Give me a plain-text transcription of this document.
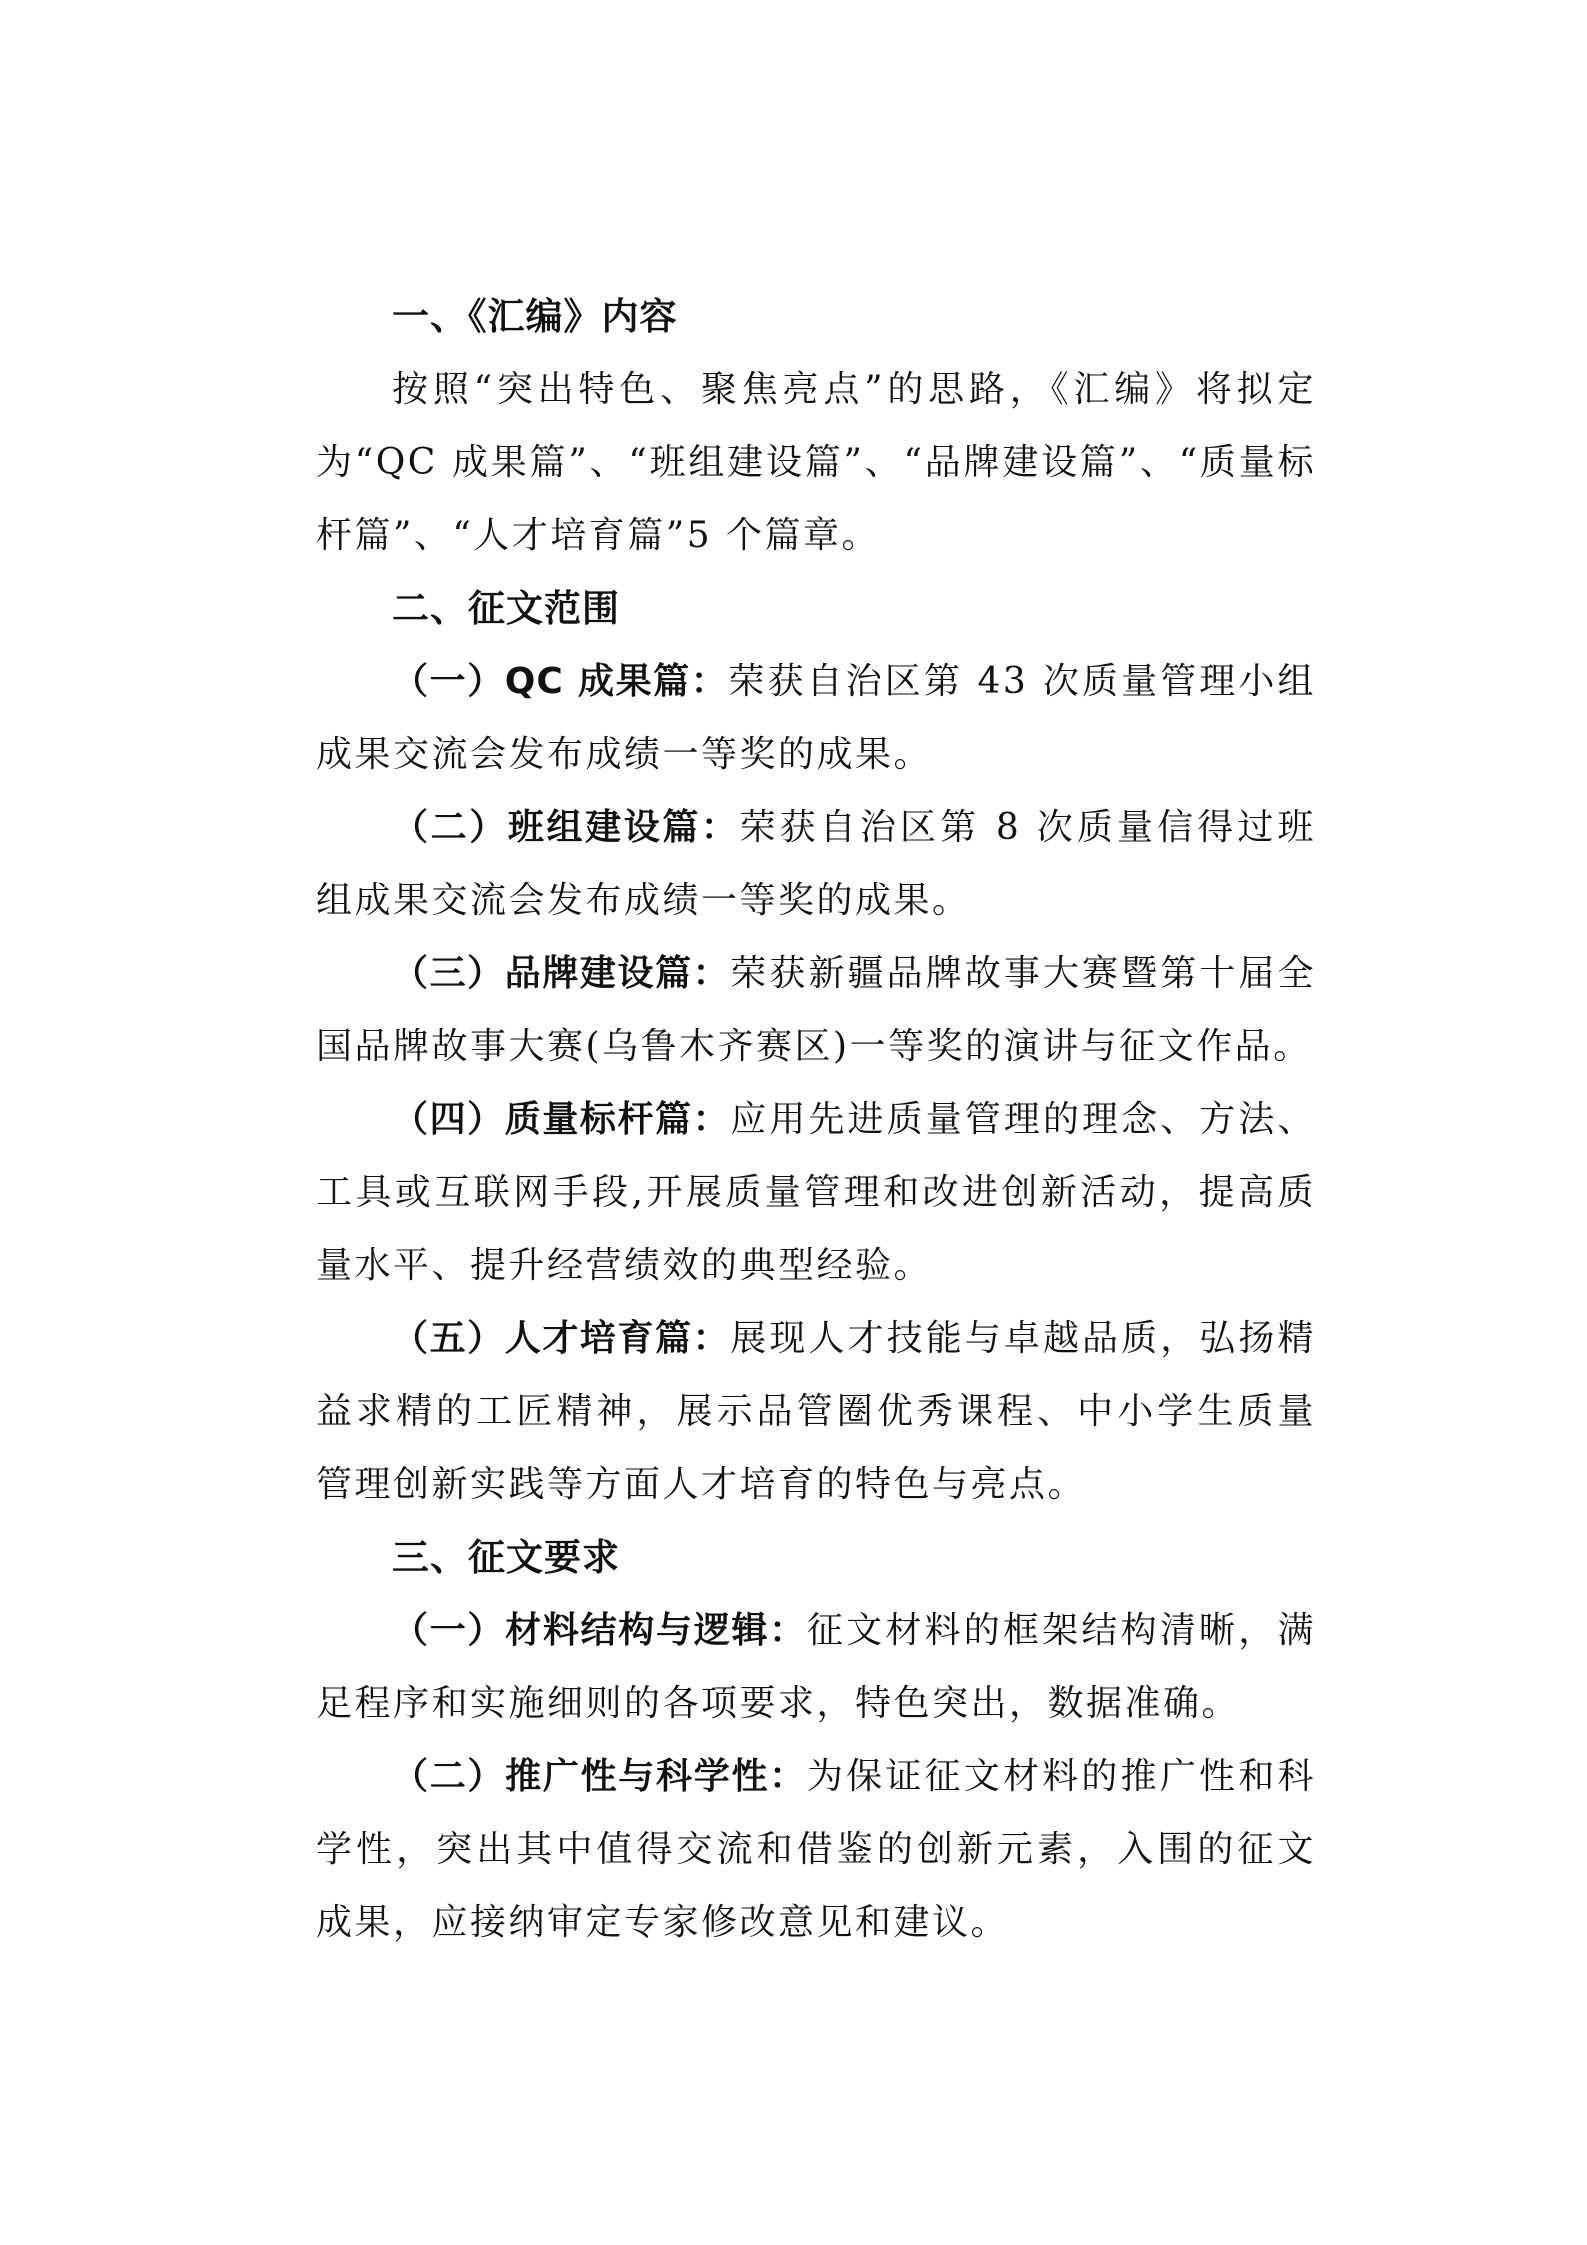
一、《汇编》内容

按照“突出特色、聚焦亮点”的思路，《汇编》将拟定为“QC 成果篇”、“班组建设篇”、“品牌建设篇”、“质量标杆篇”、“人才培育篇”5 个篇章。

二、征文范围

（一）QC 成果篇：荣获自治区第 43 次质量管理小组成果交流会发布成绩一等奖的成果。

（二）班组建设篇：荣获自治区第 8 次质量信得过班组成果交流会发布成绩一等奖的成果。

（三）品牌建设篇：荣获新疆品牌故事大赛暨第十届全国品牌故事大赛(乌鲁木齐赛区)一等奖的演讲与征文作品。

（四）质量标杆篇：应用先进质量管理的理念、方法、工具或互联网手段,开展质量管理和改进创新活动，提高质量水平、提升经营绩效的典型经验。

（五）人才培育篇：展现人才技能与卓越品质，弘扬精益求精的工匠精神，展示品管圈优秀课程、中小学生质量管理创新实践等方面人才培育的特色与亮点。

三、征文要求

（一）材料结构与逻辑：征文材料的框架结构清晰，满足程序和实施细则的各项要求，特色突出，数据准确。

（二）推广性与科学性：为保证征文材料的推广性和科学性，突出其中值得交流和借鉴的创新元素，入围的征文成果，应接纳审定专家修改意见和建议。
